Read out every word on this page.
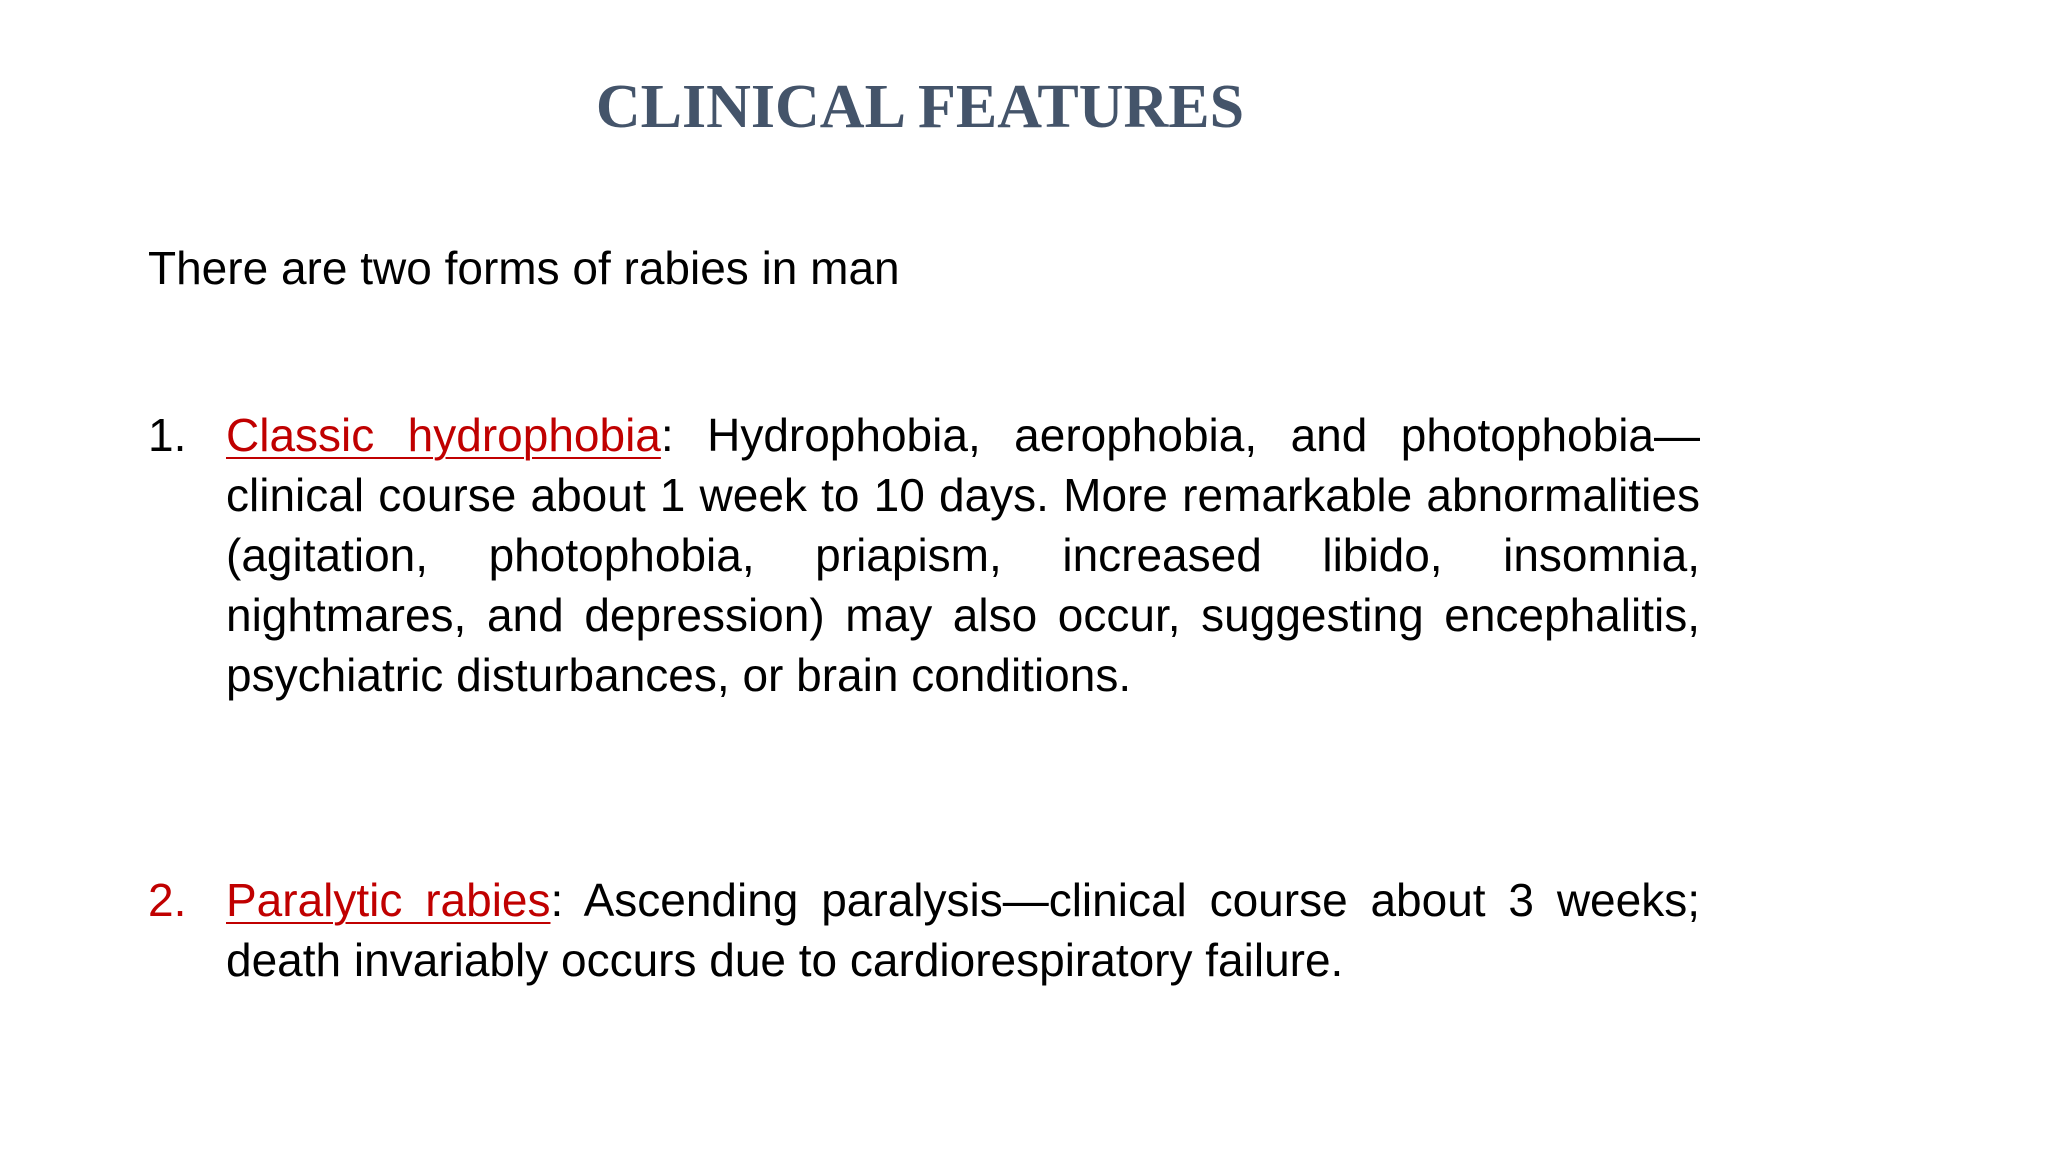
CLINICAL FEATURES

There are two forms of rabies in man

1. Classic hydrophobia: Hydrophobia, aerophobia, and photophobia—clinical course about 1 week to 10 days. More remarkable abnormalities (agitation, photophobia, priapism, increased libido, insomnia, nightmares, and depression) may also occur, suggesting encephalitis, psychiatric disturbances, or brain conditions.
2. Paralytic rabies: Ascending paralysis—clinical course about 3 weeks; death invariably occurs due to cardiorespiratory failure.
